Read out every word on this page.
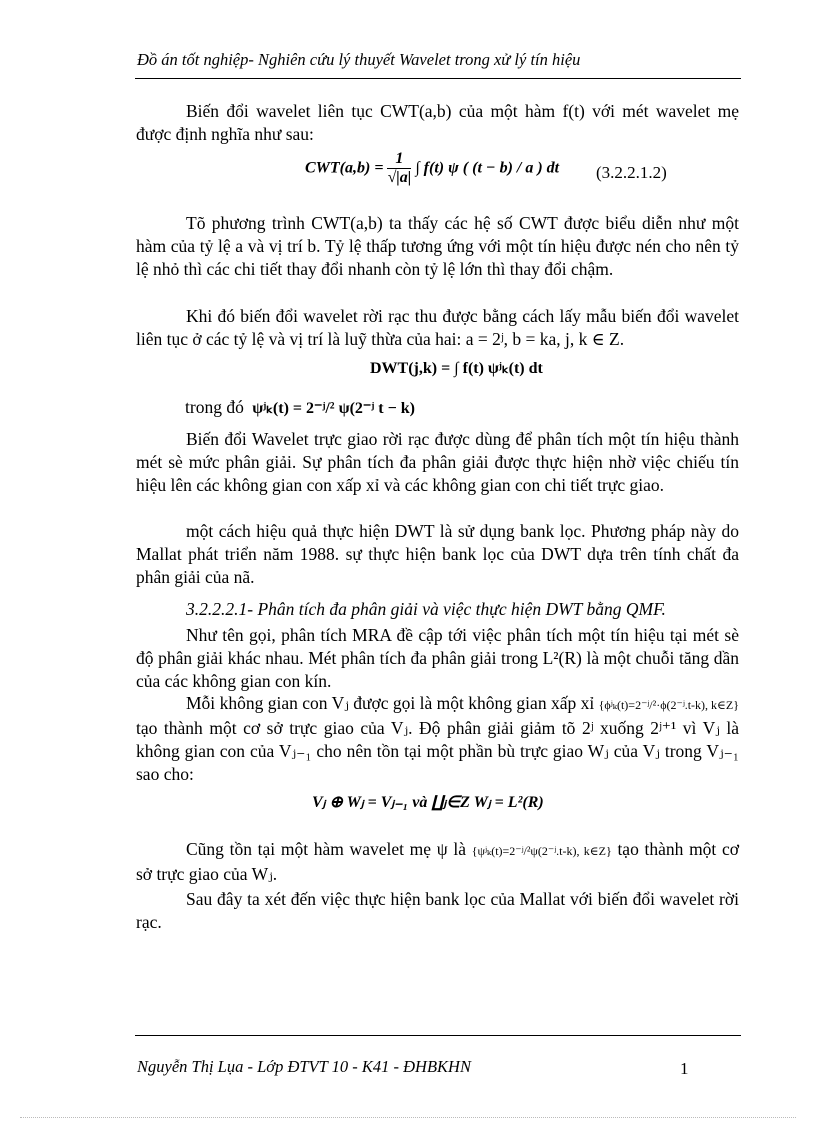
Đồ án tốt nghiệp- Nghiên cứu lý thuyết Wavelet trong xử lý tín hiệu
Biến đổi wavelet liên tục CWT(a,b) của một hàm f(t) với mét wavelet mẹ được định nghĩa như sau:
$CWT(a,b) = \frac{1}{√|a|}$ ∫ f(t) ψ ( (t − b) / a ) dt (3.2.2.1.2)
Tõ phương trình CWT(a,b) ta thấy các hệ số CWT được biểu diễn như một hàm của tỷ lệ a và vị trí b. Tỷ lệ thấp tương ứng với một tín hiệu được nén cho nên tỷ lệ nhỏ thì các chi tiết thay đổi nhanh còn tỷ lệ lớn thì thay đổi chậm.
Khi đó biến đổi wavelet rời rạc thu được bằng cách lấy mẫu biến đổi wavelet liên tục ở các tỷ lệ và vị trí là luỹ thừa của hai: a = 2ʲ, b = ka, j, k ∈ Z.
DWT(j,k) = ∫ f(t) ψʲₖ(t) dt
trong đó ψʲₖ(t) = 2⁻ʲ/² ψ(2⁻ʲ t − k)
Biến đổi Wavelet trực giao rời rạc được dùng để phân tích một tín hiệu thành mét sè mức phân giải. Sự phân tích đa phân giải được thực hiện nhờ việc chiếu tín hiệu lên các không gian con xấp xỉ và các không gian con chi tiết trực giao.
một cách hiệu quả thực hiện DWT là sử dụng bank lọc. Phương pháp này do Mallat phát triển năm 1988. sự thực hiện bank lọc của DWT dựa trên tính chất đa phân giải của nã.
3.2.2.2.1- Phân tích đa phân giải và việc thực hiện DWT bằng QMF.
Như tên gọi, phân tích MRA đề cập tới việc phân tích một tín hiệu tại mét sè độ phân giải khác nhau. Mét phân tích đa phân giải trong L²(R) là một chuỗi tăng dần của các không gian con kín.
Mỗi không gian con Vⱼ được gọi là một không gian xấp xỉ {ϕʲₖ(t)=2⁻ʲ/²·ϕ(2⁻ʲ.t-k), k∈Z} tạo thành một cơ sở trực giao của Vⱼ. Độ phân giải giảm tõ 2ʲ xuống 2ʲ⁺¹ vì Vⱼ là không gian con của Vⱼ₋₁ cho nên tồn tại một phần bù trực giao Wⱼ của Vⱼ trong Vⱼ₋₁ sao cho:
Vⱼ ⊕ Wⱼ = Vⱼ₋₁ và ∐ⱼ∈Z Wⱼ = L²(R)
Cũng tồn tại một hàm wavelet mẹ ψ là {ψʲₖ(t)=2⁻ʲ/²ψ(2⁻ʲ.t-k), k∈Z} tạo thành một cơ sở trực giao của Wⱼ.
Sau đây ta xét đến việc thực hiện bank lọc của Mallat với biến đổi wavelet rời rạc.
Nguyễn Thị Lụa - Lớp ĐTVT 10 - K41 - ĐHBKHN	1
